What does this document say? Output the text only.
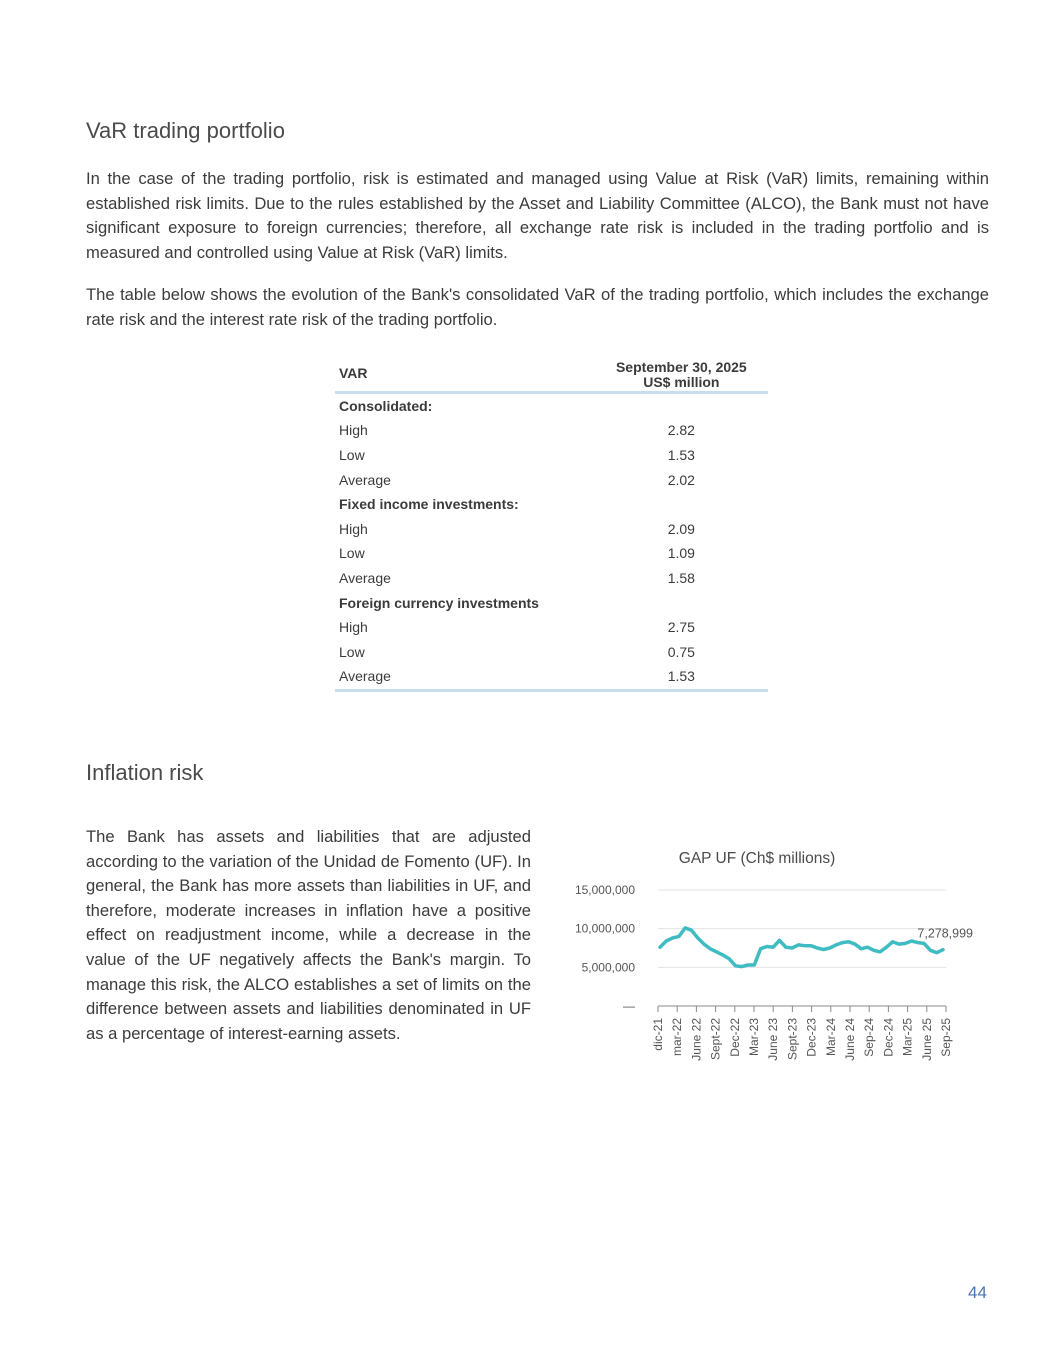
VaR trading portfolio

In the case of the trading portfolio, risk is estimated and managed using Value at Risk (VaR) limits, remaining within established risk limits. Due to the rules established by the Asset and Liability Committee (ALCO), the Bank must not have significant exposure to foreign currencies; therefore, all exchange rate risk is included in the trading portfolio and is measured and controlled using Value at Risk (VaR) limits.

The table below shows the evolution of the Bank's consolidated VaR of the trading portfolio, which includes the exchange rate risk and the interest rate risk of the trading portfolio.

VAR	September 30, 2025
US$ million

Consolidated:	
High	2.82
Low	1.53
Average	2.02
Fixed income investments:	
High	2.09
Low	1.09
Average	1.58
Foreign currency investments	
High	2.75
Low	0.75
Average	1.53
Inflation risk

The Bank has assets and liabilities that are adjusted according to the variation of the Unidad de Fomento (UF). In general, the Bank has more assets than liabilities in UF, and therefore, moderate increases in inflation have a positive effect on readjustment income, while a decrease in the value of the UF negatively affects the Bank's margin. To manage this risk, the ALCO establishes a set of limits on the difference between assets and liabilities denominated in UF as a percentage of interest-earning assets.

GAP UF (Ch$ millions)
—
5,000,000
10,000,000
15,000,000
dic-21 mar-22 June 22 Sept-22 Dec-22 Mar-23 June 23 Sept-23 Dec-23 Mar-24 June 24 Sep-24 Dec-24 Mar-25 June 25 Sep-25
7,278,999
44
